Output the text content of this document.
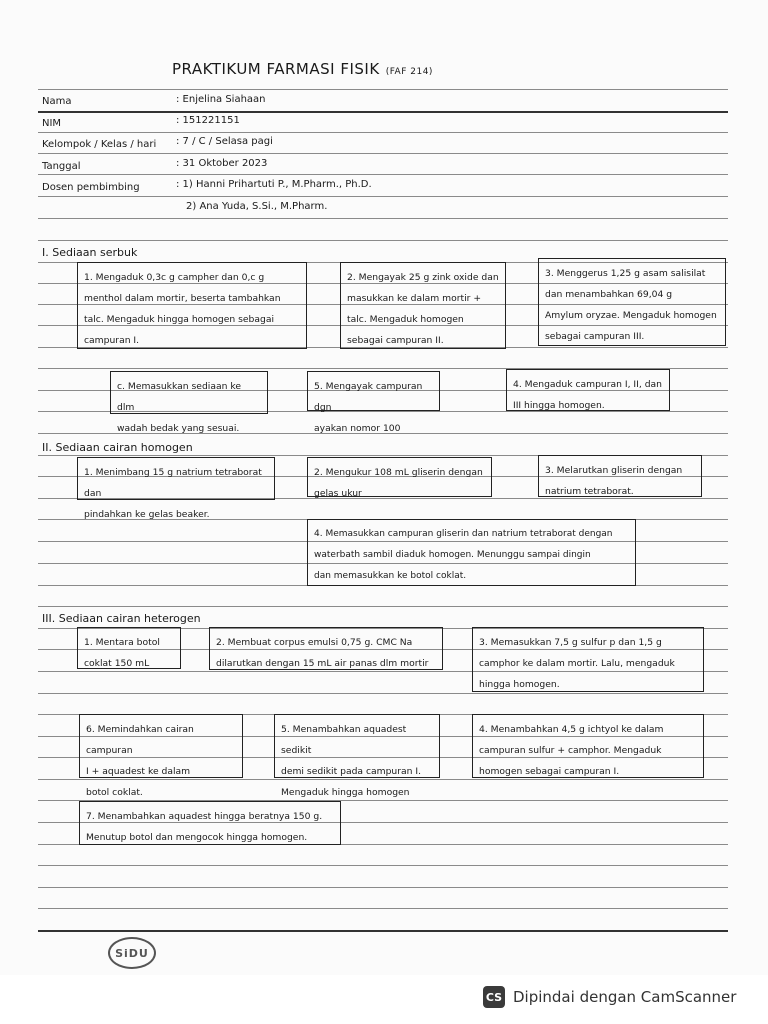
PRAKTIKUM FARMASI FISIK (FAF 214)
Nama	: Enjelina Siahaan
NIM	: 151221151
Kelompok / Kelas / hari : 7 / C / Selasa pagi
Tanggal	: 31 Oktober 2023
Dosen pembimbing	: 1) Hanni Prihartuti P., M.Pharm., Ph.D.
2) Ana Yuda, S.Si., M.Pharm.
I. Sediaan serbuk
1. Mengaduk 0,3c g campher dan 0,c g
menthol dalam mortir, beserta tambahkan
talc. Mengaduk hingga homogen sebagai
campuran I.
2. Mengayak 25 g zink oxide dan
masukkan ke dalam mortir +
talc. Mengaduk homogen
sebagai campuran II.
3. Menggerus 1,25 g asam salisilat
dan menambahkan 69,04 g
Amylum oryzae. Mengaduk homogen
sebagai campuran III.
c. Memasukkan sediaan ke dlm
wadah bedak yang sesuai.
5. Mengayak campuran dgn
ayakan nomor 100
4. Mengaduk campuran I, II, dan
III hingga homogen.
II. Sediaan cairan homogen
1. Menimbang 15 g natrium tetraborat dan
pindahkan ke gelas beaker.
2. Mengukur 108 mL gliserin dengan
gelas ukur
3. Melarutkan gliserin dengan
natrium tetraborat.
4. Memasukkan campuran gliserin dan natrium tetraborat dengan
waterbath sambil diaduk homogen. Menunggu sampai dingin
dan memasukkan ke botol coklat.
III. Sediaan cairan heterogen
1. Mentara botol
coklat 150 mL
2. Membuat corpus emulsi 0,75 g. CMC Na
dilarutkan dengan 15 mL air panas dlm mortir
3. Memasukkan 7,5 g sulfur p dan 1,5 g
camphor ke dalam mortir. Lalu, mengaduk
hingga homogen.
6. Memindahkan cairan campuran
I + aquadest ke dalam
botol coklat.
5. Menambahkan aquadest sedikit
demi sedikit pada campuran I.
Mengaduk hingga homogen
4. Menambahkan 4,5 g ichtyol ke dalam
campuran sulfur + camphor. Mengaduk
homogen sebagai campuran I.
7. Menambahkan aquadest hingga beratnya 150 g.
Menutup botol dan mengocok hingga homogen.
SiDU
CS Dipindai dengan CamScanner
